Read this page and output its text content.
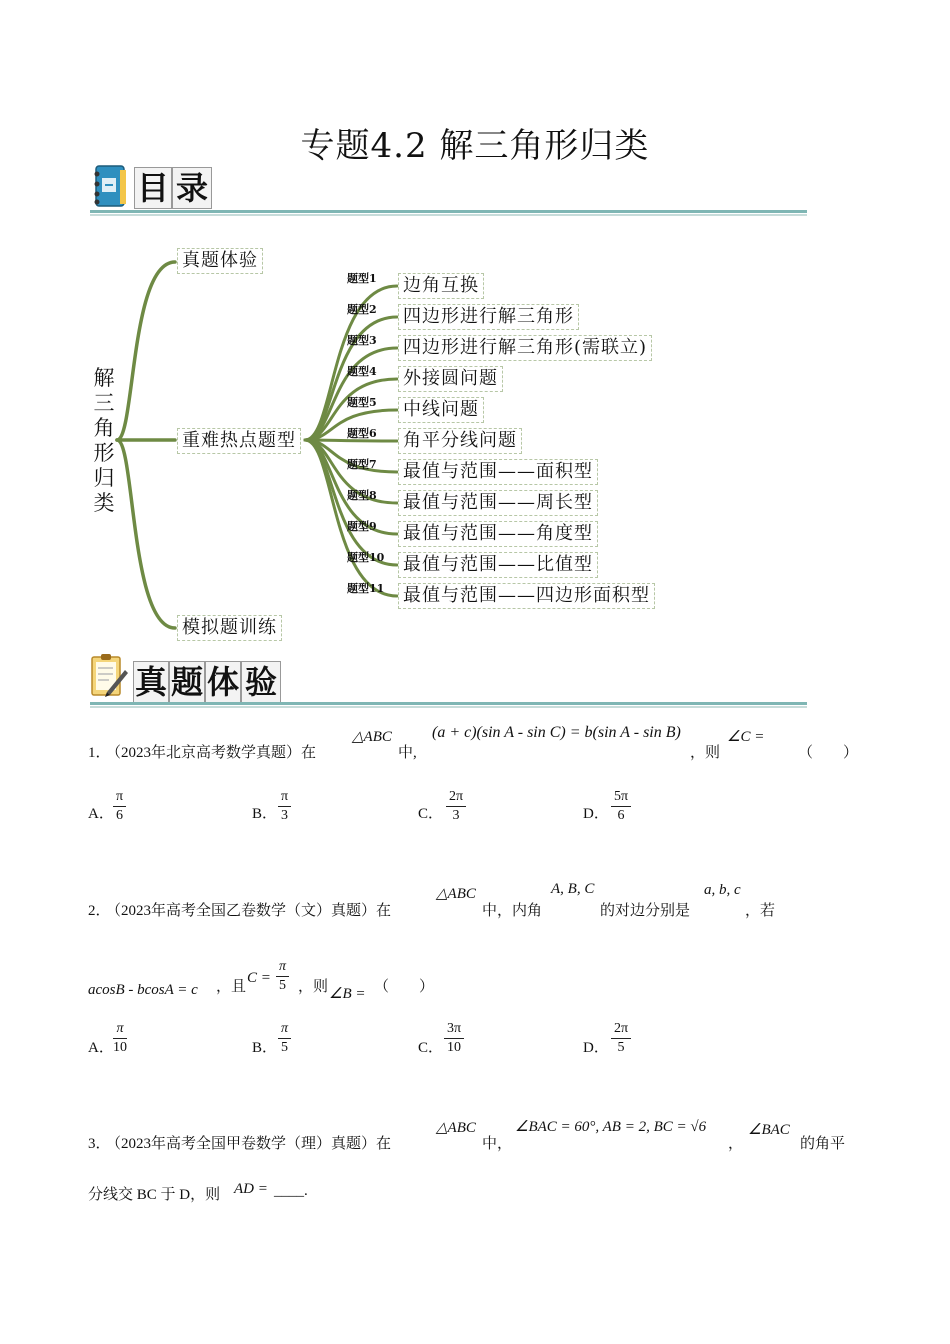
专题4.2 解三角形归类
目 录
解
三
角
形
归
类
真题体验
重难热点题型
模拟题训练
题型1 边角互换
题型2 四边形进行解三角形
题型3 四边形进行解三角形(需联立)
题型4 外接圆问题
题型5 中线问题
题型6 角平分线问题
题型7 最值与范围——面积型
题型8 最值与范围——周长型
题型9 最值与范围——角度型
题型10 最值与范围——比值型
题型11 最值与范围——四边形面积型
真 题 体 验
1．
（2023年北京高考数学真题）在
△ABC
中,
(a + c)(sin A - sin C) = b(sin A - sin B)
，则
∠C =
（　　）
A． $\frac{\pi}{6}$	B． $\frac{\pi}{3}$	C． $\frac{2\pi}{3}$	D． $\frac{5\pi}{6}$
2．
（2023年高考全国乙卷数学（文）真题）在
△ABC
中，内角
A, B, C
的对边分别是
a, b, c
，若
acosB - bcosA = c ，且
$C = \frac{\pi}{5}$ ，则 ∠B = （　　）
A． $\frac{\pi}{10}$	B． $\frac{\pi}{5}$	C． $\frac{3\pi}{10}$	D． $\frac{2\pi}{5}$
3．
（2023年高考全国甲卷数学（理）真题）在
△ABC
中，
∠BAC = 60°, AB = 2, BC = √6
，
∠BAC
的角平
分线交 BC 于 D，则 AD = ____.
